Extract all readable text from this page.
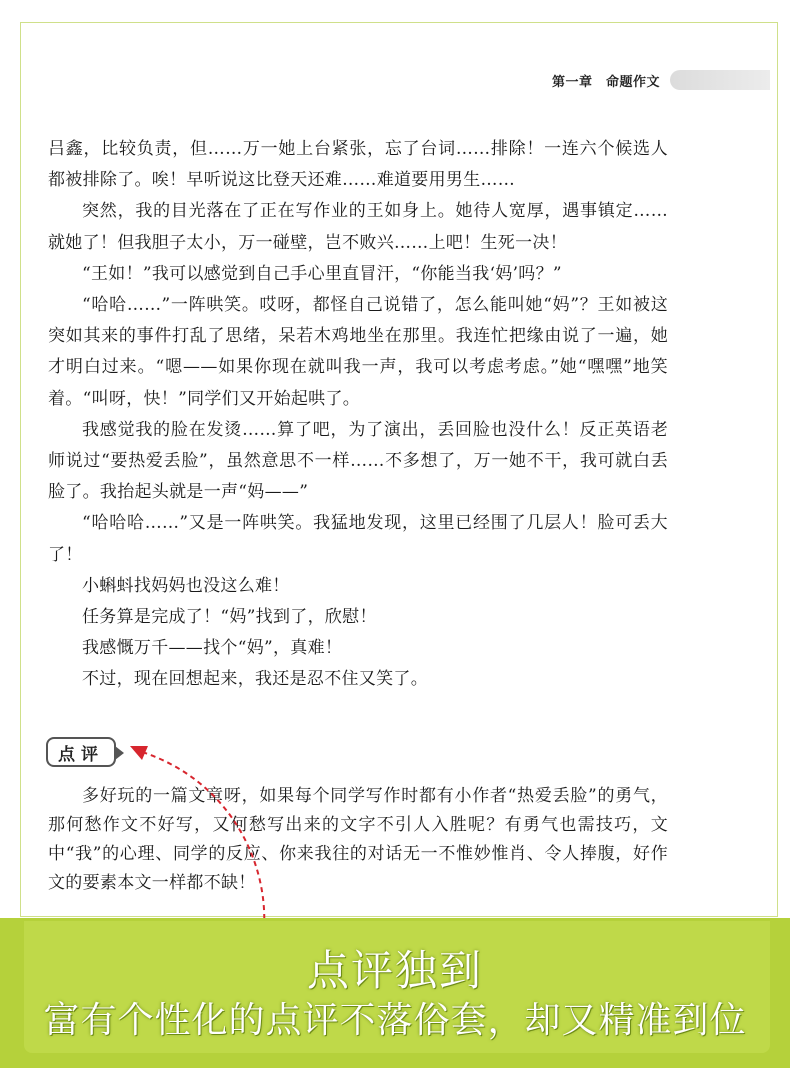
第一章　命题作文

吕鑫，比较负责，但……万一她上台紧张，忘了台词……排除！一连六个候选人都被排除了。唉！早听说这比登天还难……难道要用男生……

突然，我的目光落在了正在写作业的王如身上。她待人宽厚，遇事镇定……就她了！但我胆子太小，万一碰壁，岂不败兴……上吧！生死一决！

“王如！”我可以感觉到自己手心里直冒汗，“你能当我‘妈’吗？”

“哈哈……”一阵哄笑。哎呀，都怪自己说错了，怎么能叫她“妈”？王如被这突如其来的事件打乱了思绪，呆若木鸡地坐在那里。我连忙把缘由说了一遍，她才明白过来。“嗯——如果你现在就叫我一声，我可以考虑考虑。”她“嘿嘿”地笑着。“叫呀，快！”同学们又开始起哄了。

我感觉我的脸在发烫……算了吧，为了演出，丢回脸也没什么！反正英语老师说过“要热爱丢脸”，虽然意思不一样……不多想了，万一她不干，我可就白丢脸了。我抬起头就是一声“妈——”

“哈哈哈……”又是一阵哄笑。我猛地发现，这里已经围了几层人！脸可丢大了！

小蝌蚪找妈妈也没这么难！

任务算是完成了！“妈”找到了，欣慰！

我感慨万千——找个“妈”，真难！

不过，现在回想起来，我还是忍不住又笑了。

点评

多好玩的一篇文章呀，如果每个同学写作时都有小作者“热爱丢脸”的勇气，那何愁作文不好写，又何愁写出来的文字不引人入胜呢？有勇气也需技巧，文中“我”的心理、同学的反应、你来我往的对话无一不惟妙惟肖、令人捧腹，好作文的要素本文一样都不缺！

点评独到
富有个性化的点评不落俗套，却又精准到位
